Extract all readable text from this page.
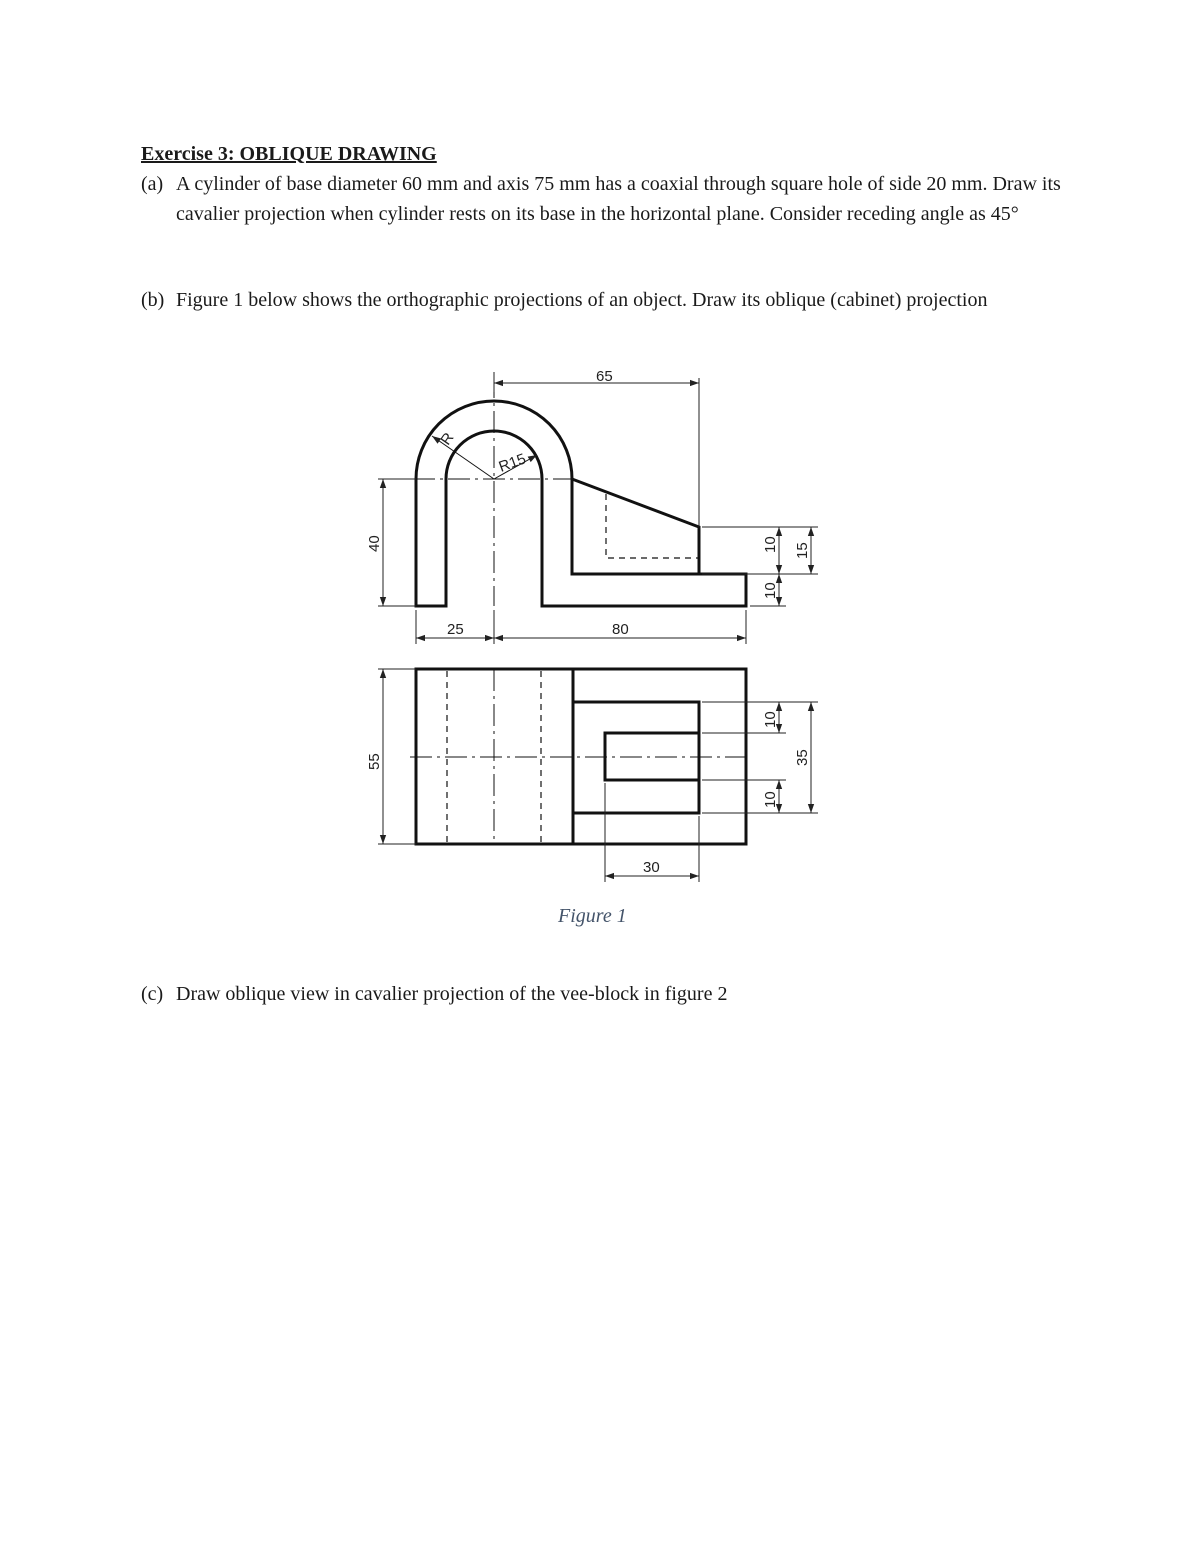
Exercise 3: OBLIQUE DRAWING
(a) A cylinder of base diameter 60 mm and axis 75 mm has a coaxial through square hole of side 20 mm. Draw its cavalier projection when cylinder rests on its base in the horizontal plane. Consider receding angle as 45°
(b) Figure 1 below shows the orthographic projections of an object. Draw its oblique (cabinet) projection
65
R
R15
40
25	80
10 15
10
55
10
10
35
30
Figure 1
(c) Draw oblique view in cavalier projection of the vee-block in figure 2
